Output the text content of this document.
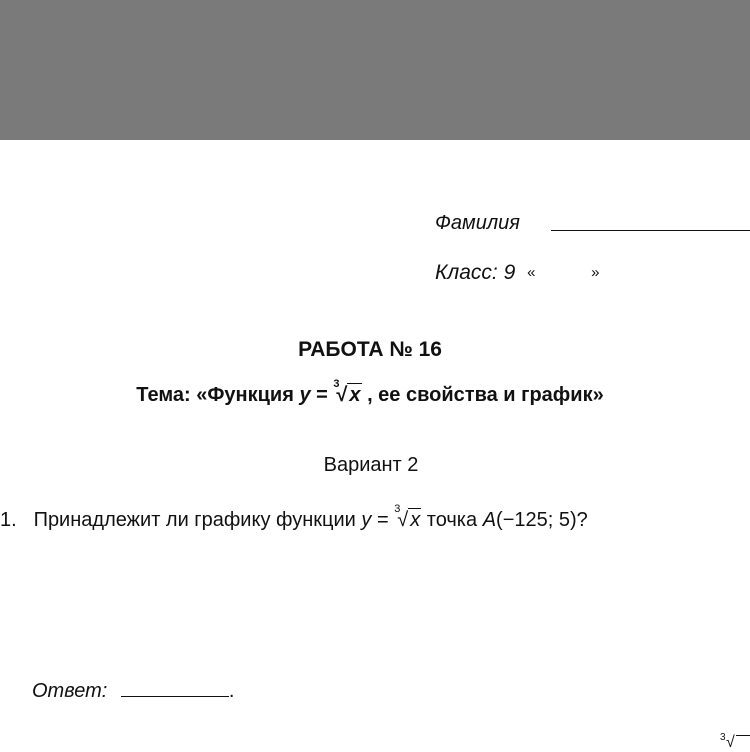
Фамилия
Класс: 9 «	»
РАБОТА № 16
Тема: «Функция y = 3
√ x , ее свойства и график»
Вариант 2
1. Принадлежит ли графику функции y = 3
√ x точка A(−125; 5)?
Ответ:	.
3 √
